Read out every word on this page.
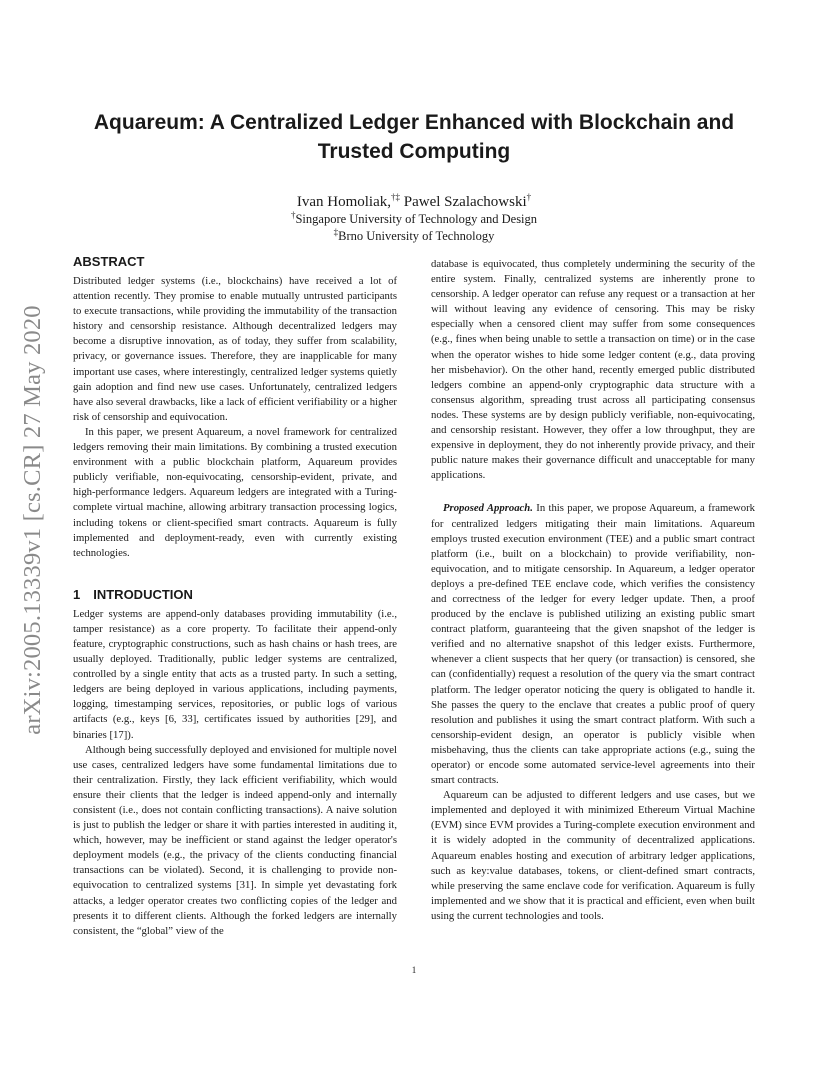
arXiv:2005.13339v1 [cs.CR] 27 May 2020
Aquareum: A Centralized Ledger Enhanced with Blockchain and Trusted Computing
Ivan Homoliak,†‡ Pawel Szalachowski†
†Singapore University of Technology and Design
‡Brno University of Technology
ABSTRACT

Distributed ledger systems (i.e., blockchains) have received a lot of attention recently. They promise to enable mutually untrusted participants to execute transactions, while providing the immutability of the transaction history and censorship resistance. Although decentralized ledgers may become a disruptive innovation, as of today, they suffer from scalability, privacy, or governance issues. Therefore, they are inapplicable for many important use cases, where interestingly, centralized ledger systems quietly gain adoption and find new use cases. Unfortunately, centralized ledgers have also several drawbacks, like a lack of efficient verifiability or a higher risk of censorship and equivocation.

In this paper, we present Aquareum, a novel framework for centralized ledgers removing their main limitations. By combining a trusted execution environment with a public blockchain platform, Aquareum provides publicly verifiable, non-equivocating, censorship-evident, private, and high-performance ledgers. Aquareum ledgers are integrated with a Turing-complete virtual machine, allowing arbitrary transaction processing logics, including tokens or client-specified smart contracts. Aquareum is fully implemented and deployment-ready, even with currently existing technologies.

1 INTRODUCTION

Ledger systems are append-only databases providing immutability (i.e., tamper resistance) as a core property. To facilitate their append-only feature, cryptographic constructions, such as hash chains or hash trees, are usually deployed. Traditionally, public ledger systems are centralized, controlled by a single entity that acts as a trusted party. In such a setting, ledgers are being deployed in various applications, including payments, logging, timestamping services, repositories, or public logs of various artifacts (e.g., keys [6, 33], certificates issued by authorities [29], and binaries [17]).

Although being successfully deployed and envisioned for multiple novel use cases, centralized ledgers have some fundamental limitations due to their centralization. Firstly, they lack efficient verifiability, which would ensure their clients that the ledger is indeed append-only and internally consistent (i.e., does not contain conflicting transactions). A naive solution is just to publish the ledger or share it with parties interested in auditing it, which, however, may be inefficient or stand against the ledger operator's deployment models (e.g., the privacy of the clients conducting financial transactions can be violated). Second, it is challenging to provide non-equivocation to centralized systems [31]. In simple yet devastating fork attacks, a ledger operator creates two conflicting copies of the ledger and presents it to different clients. Although the forked ledgers are internally consistent, the “global” view of the

database is equivocated, thus completely undermining the security of the entire system. Finally, centralized systems are inherently prone to censorship. A ledger operator can refuse any request or a transaction at her will without leaving any evidence of censoring. This may be risky especially when a censored client may suffer from some consequences (e.g., fines when being unable to settle a transaction on time) or in the case when the operator wishes to hide some ledger content (e.g., data proving her misbehavior). On the other hand, recently emerged public distributed ledgers combine an append-only cryptographic data structure with a consensus algorithm, spreading trust across all participating consensus nodes. These systems are by design publicly verifiable, non-equivocating, and censorship resistant. However, they offer a low throughput, they are expensive in deployment, they do not inherently provide privacy, and their public nature makes their governance difficult and unacceptable for many applications.

Proposed Approach. In this paper, we propose Aquareum, a framework for centralized ledgers mitigating their main limitations. Aquareum employs trusted execution environment (TEE) and a public smart contract platform (i.e., built on a blockchain) to provide verifiability, non-equivocation, and to mitigate censorship. In Aquareum, a ledger operator deploys a pre-defined TEE enclave code, which verifies the consistency and correctness of the ledger for every ledger update. Then, a proof produced by the enclave is published utilizing an existing public smart contract platform, guaranteeing that the given snapshot of the ledger is verified and no alternative snapshot of this ledger exists. Furthermore, whenever a client suspects that her query (or transaction) is censored, she can (confidentially) request a resolution of the query via the smart contract platform. The ledger operator noticing the query is obligated to handle it. She passes the query to the enclave that creates a public proof of query resolution and publishes it using the smart contract platform. With such a censorship-evident design, an operator is publicly visible when misbehaving, thus the clients can take appropriate actions (e.g., suing the operator) or encode some automated service-level agreements into their smart contracts.

Aquareum can be adjusted to different ledgers and use cases, but we implemented and deployed it with minimized Ethereum Virtual Machine (EVM) since EVM provides a Turing-complete execution environment and it is widely adopted in the community of decentralized applications. Aquareum enables hosting and execution of arbitrary ledger applications, such as key:value databases, tokens, or client-defined smart contracts, while preserving the same enclave code for verification. Aquareum is fully implemented and we show that it is practical and efficient, even when built using the current technologies and tools.

1
